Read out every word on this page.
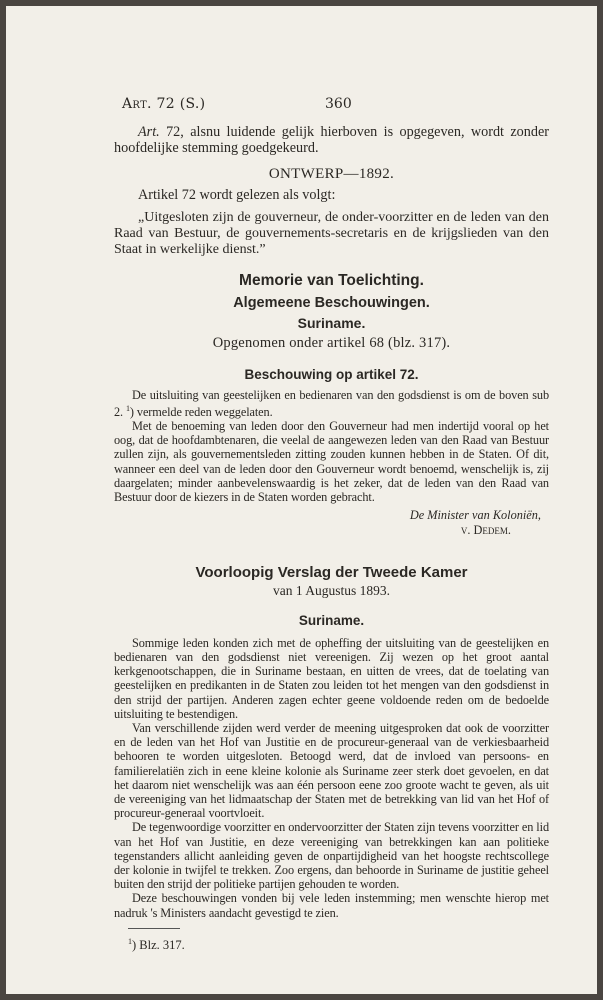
Art. 72 (S.)	360

Art. 72, alsnu luidende gelijk hierboven is opgegeven, wordt zonder hoofdelijke stemming goedgekeurd.

ONTWERP—1892.

Artikel 72 wordt gelezen als volgt:

„Uitgesloten zijn de gouverneur, de onder-voorzitter en de leden van den Raad van Bestuur, de gouvernements-secretaris en de krijgslieden van den Staat in werkelijke dienst.”

Memorie van Toelichting.

Algemeene Beschouwingen.

Suriname.

Opgenomen onder artikel 68 (blz. 317).

Beschouwing op artikel 72.

De uitsluiting van geestelijken en bedienaren van den godsdienst is om de boven sub 2. $^1$) vermelde reden weggelaten.

Met de benoeming van leden door den Gouverneur had men indertijd vooral op het oog, dat de hoofdambtenaren, die veelal de aangewezen leden van den Raad van Bestuur zullen zijn, als gouvernementsleden zitting zouden kunnen hebben in de Staten. Of dit, wanneer een deel van de leden door den Gouverneur wordt benoemd, wenschelijk is, zij daargelaten; minder aanbevelenswaardig is het zeker, dat de leden van den Raad van Bestuur door de kiezers in de Staten worden gebracht.

De Minister van Koloniën,
v. Dedem.

Voorloopig Verslag der Tweede Kamer

van 1 Augustus 1893.

Suriname.

Sommige leden konden zich met de opheffing der uitsluiting van de geestelijken en bedienaren van den godsdienst niet vereenigen. Zij wezen op het groot aantal kerkgenootschappen, die in Suriname bestaan, en uitten de vrees, dat de toelating van geestelijken en predikanten in de Staten zou leiden tot het mengen van den godsdienst in den strijd der partijen. Anderen zagen echter geene voldoende reden om de bedoelde uitsluiting te bestendigen.

Van verschillende zijden werd verder de meening uitgesproken dat ook de voorzitter en de leden van het Hof van Justitie en de procureur-generaal van de verkiesbaarheid behooren te worden uitgesloten. Betoogd werd, dat de invloed van persoons- en familierelatiën zich in eene kleine kolonie als Suriname zeer sterk doet gevoelen, en dat het daarom niet wenschelijk was aan één persoon eene zoo groote wacht te geven, als uit de vereeniging van het lidmaatschap der Staten met de betrekking van lid van het Hof of procureur-generaal voortvloeit.

De tegenwoordige voorzitter en ondervoorzitter der Staten zijn tevens voorzitter en lid van het Hof van Justitie, en deze vereeniging van betrekkingen kan aan politieke tegenstanders allicht aanleiding geven de onpartijdigheid van het hoogste rechtscollege der kolonie in twijfel te trekken. Zoo ergens, dan behoorde in Suriname de justitie geheel buiten den strijd der politieke partijen gehouden te worden.

Deze beschouwingen vonden bij vele leden instemming; men wenschte hierop met nadruk 's Ministers aandacht gevestigd te zien.

$^1$) Blz. 317.
